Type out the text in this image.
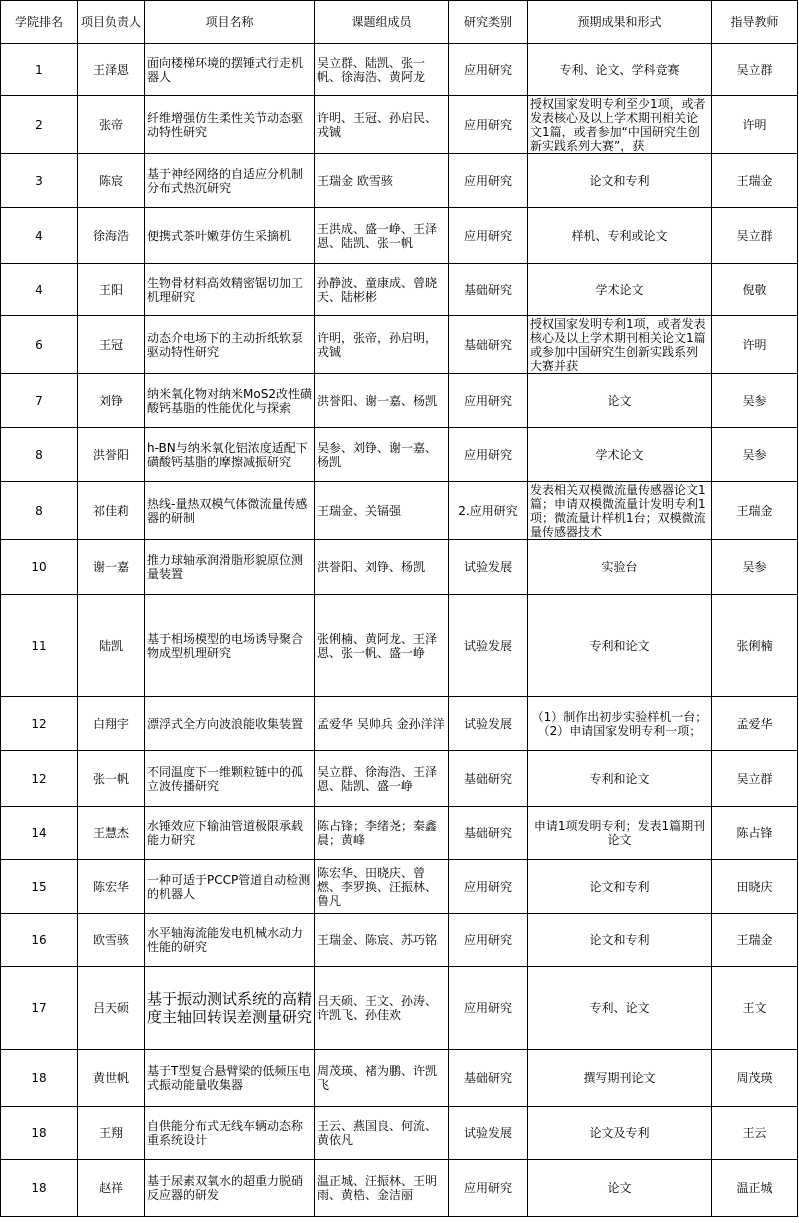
学院排名	项目负责人	项目名称	课题组成员	研究类别	预期成果和形式	指导教师
1	王泽恩	面向楼梯环境的摆锤式行走机器人	吴立群、陆凯、张一帆、徐海浩、黄阿龙	应用研究	专利、论文、学科竞赛	吴立群
2	张帝	纤维增强仿生柔性关节动态驱动特性研究	许明、王冠、孙启民、戎铖	应用研究	授权国家发明专利至少1项，或者发表核心及以上学术期刊相关论文1篇，或者参加“中国研究生创新实践系列大赛”，获	许明
3	陈宸	基于神经网络的自适应分机制分布式热沉研究	王瑞金 欧雪骇	应用研究	论文和专利	王瑞金
4	徐海浩	便携式茶叶嫩芽仿生采摘机	王洪成、盛一峥、王泽恩、陆凯、张一帆	应用研究	样机、专利或论文	吴立群
4	王阳	生物骨材料高效精密锯切加工机理研究	孙静波、童康成、曾晓天、陆彬彬	基础研究	学术论文	倪敬
6	王冠	动态介电场下的主动折纸软泵驱动特性研究	许明，张帝，孙启明，戎铖	基础研究	授权国家发明专利1项，或者发表核心及以上学术期刊相关论文1篇或参加中国研究生创新实践系列大赛并获	许明
7	刘铮	纳米氧化物对纳米MoS2改性磺酸钙基脂的性能优化与探索	洪誉阳、谢一嘉、杨凯	应用研究	论文	吴参
8	洪誉阳	h-BN与纳米氧化铝浓度适配下磺酸钙基脂的摩擦减振研究	吴参、刘铮、谢一嘉、杨凯	应用研究	学术论文	吴参
8	祁佳莉	热线-量热双模气体微流量传感器的研制	王瑞金、关镉强	2.应用研究	发表相关双模微流量传感器论文1篇；申请双模微流量计发明专利1项；微流量计样机1台；双模微流量传感器技术	王瑞金
10	谢一嘉	推力球轴承润滑脂形貌原位测量装置	洪誉阳、刘铮、杨凯	试验发展	实验台	吴参
11	陆凯	基于相场模型的电场诱导聚合物成型机理研究	张俐楠、黄阿龙、王泽恩、张一帆、盛一峥	试验发展	专利和论文	张俐楠
12	白翔宇	漂浮式全方向波浪能收集装置	孟爱华 吴帅兵 金孙洋洋	试验发展	（1）制作出初步实验样机一台；（2）申请国家发明专利一项；	孟爱华
12	张一帆	不同温度下一维颗粒链中的孤立波传播研究	吴立群、徐海浩、王泽恩、陆凯、盛一峥	基础研究	专利和论文	吴立群
14	王慧杰	水锤效应下输油管道极限承载能力研究	陈占锋；李绪尧；秦鑫晨；黄峰	基础研究	申请1项发明专利；发表1篇期刊论文	陈占锋
15	陈宏华	一种可适于PCCP管道自动检测的机器人	陈宏华、田晓庆、曾燃、李罗换、汪振林、鲁凡	应用研究	论文和专利	田晓庆
16	欧雪骇	水平轴海流能发电机械水动力性能的研究	王瑞金、陈宸、苏巧铭	应用研究	论文和专利	王瑞金
17	吕天硕	基于振动测试系统的高精度主轴回转误差测量研究	吕天硕、王文、孙涛、许凯飞、孙佳欢	应用研究	专利、论文	王文
18	黄世帆	基于T型复合悬臂梁的低频压电式振动能量收集器	周茂瑛、褚为鹏、许凯飞	基础研究	撰写期刊论文	周茂瑛
18	王翔	自供能分布式无线车辆动态称重系统设计	王云、燕国良、何流、黄依凡	试验发展	论文及专利	王云
18	赵祥	基于尿素双氧水的超重力脱硝反应器的研发	温正城、汪振林、王明雨、黄梏、金洁丽	应用研究	论文	温正城
